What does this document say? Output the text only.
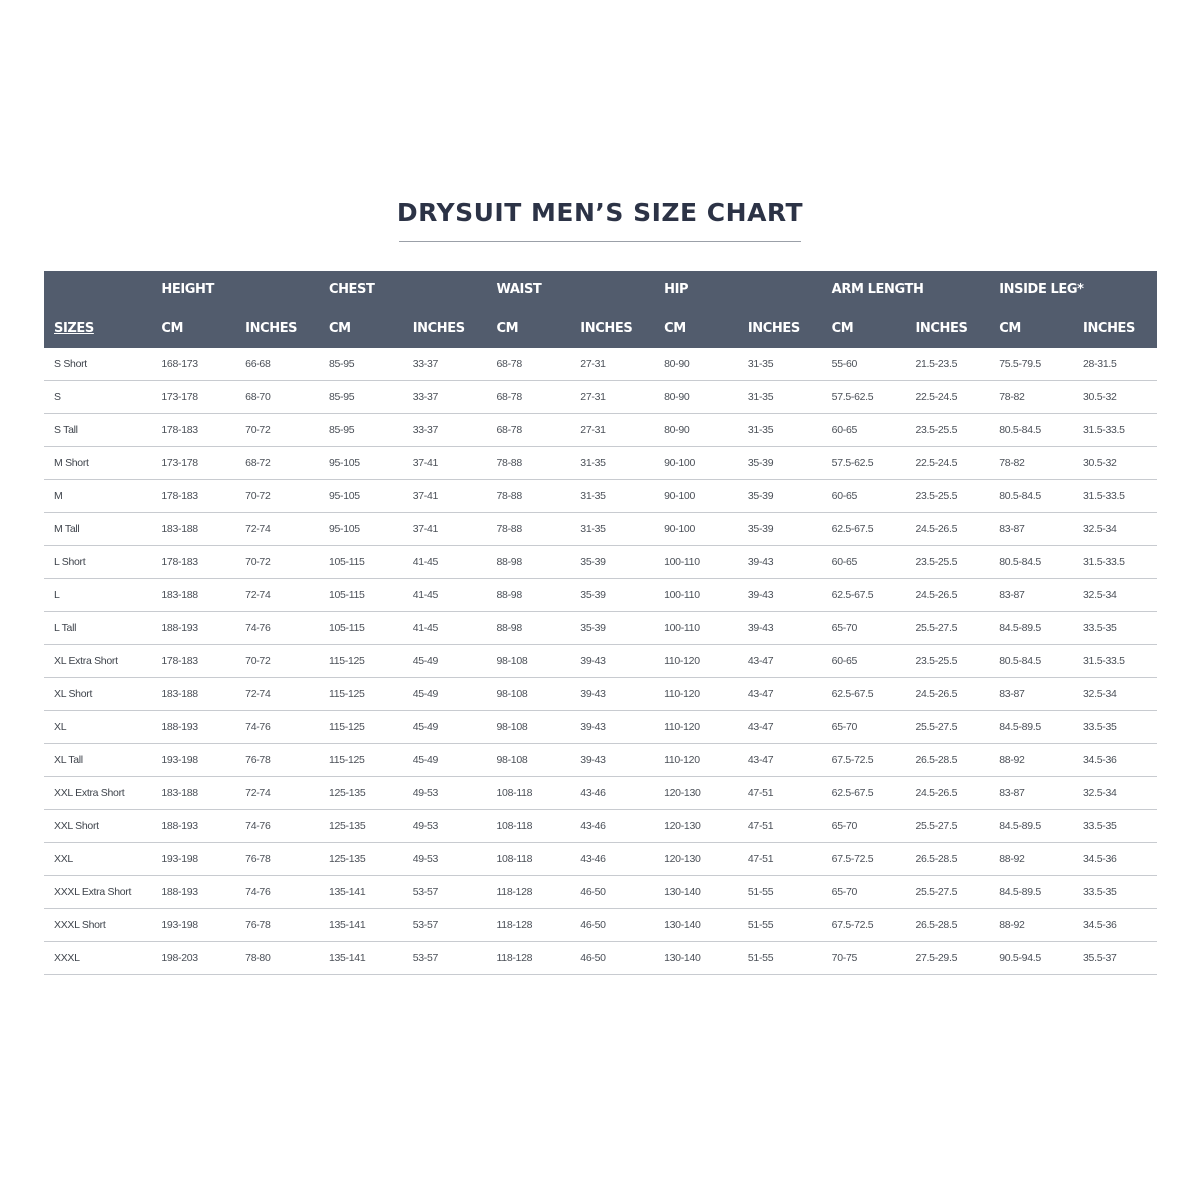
DRYSUIT MEN’S SIZE CHART
	HEIGHT		CHEST		WAIST		HIP		ARM LENGTH		INSIDE LEG*	
SIZES	CM	INCHES	CM	INCHES	CM	INCHES	CM	INCHES	CM	INCHES	CM	INCHES
S Short	168-173	66-68	85-95	33-37	68-78	27-31	80-90	31-35	55-60	21.5-23.5	75.5-79.5	28-31.5
S	173-178	68-70	85-95	33-37	68-78	27-31	80-90	31-35	57.5-62.5	22.5-24.5	78-82	30.5-32
S Tall	178-183	70-72	85-95	33-37	68-78	27-31	80-90	31-35	60-65	23.5-25.5	80.5-84.5	31.5-33.5
M Short	173-178	68-72	95-105	37-41	78-88	31-35	90-100	35-39	57.5-62.5	22.5-24.5	78-82	30.5-32
M	178-183	70-72	95-105	37-41	78-88	31-35	90-100	35-39	60-65	23.5-25.5	80.5-84.5	31.5-33.5
M Tall	183-188	72-74	95-105	37-41	78-88	31-35	90-100	35-39	62.5-67.5	24.5-26.5	83-87	32.5-34
L Short	178-183	70-72	105-115	41-45	88-98	35-39	100-110	39-43	60-65	23.5-25.5	80.5-84.5	31.5-33.5
L	183-188	72-74	105-115	41-45	88-98	35-39	100-110	39-43	62.5-67.5	24.5-26.5	83-87	32.5-34
L Tall	188-193	74-76	105-115	41-45	88-98	35-39	100-110	39-43	65-70	25.5-27.5	84.5-89.5	33.5-35
XL Extra Short	178-183	70-72	115-125	45-49	98-108	39-43	110-120	43-47	60-65	23.5-25.5	80.5-84.5	31.5-33.5
XL Short	183-188	72-74	115-125	45-49	98-108	39-43	110-120	43-47	62.5-67.5	24.5-26.5	83-87	32.5-34
XL	188-193	74-76	115-125	45-49	98-108	39-43	110-120	43-47	65-70	25.5-27.5	84.5-89.5	33.5-35
XL Tall	193-198	76-78	115-125	45-49	98-108	39-43	110-120	43-47	67.5-72.5	26.5-28.5	88-92	34.5-36
XXL Extra Short	183-188	72-74	125-135	49-53	108-118	43-46	120-130	47-51	62.5-67.5	24.5-26.5	83-87	32.5-34
XXL Short	188-193	74-76	125-135	49-53	108-118	43-46	120-130	47-51	65-70	25.5-27.5	84.5-89.5	33.5-35
XXL	193-198	76-78	125-135	49-53	108-118	43-46	120-130	47-51	67.5-72.5	26.5-28.5	88-92	34.5-36
XXXL Extra Short	188-193	74-76	135-141	53-57	118-128	46-50	130-140	51-55	65-70	25.5-27.5	84.5-89.5	33.5-35
XXXL Short	193-198	76-78	135-141	53-57	118-128	46-50	130-140	51-55	67.5-72.5	26.5-28.5	88-92	34.5-36
XXXL	198-203	78-80	135-141	53-57	118-128	46-50	130-140	51-55	70-75	27.5-29.5	90.5-94.5	35.5-37
